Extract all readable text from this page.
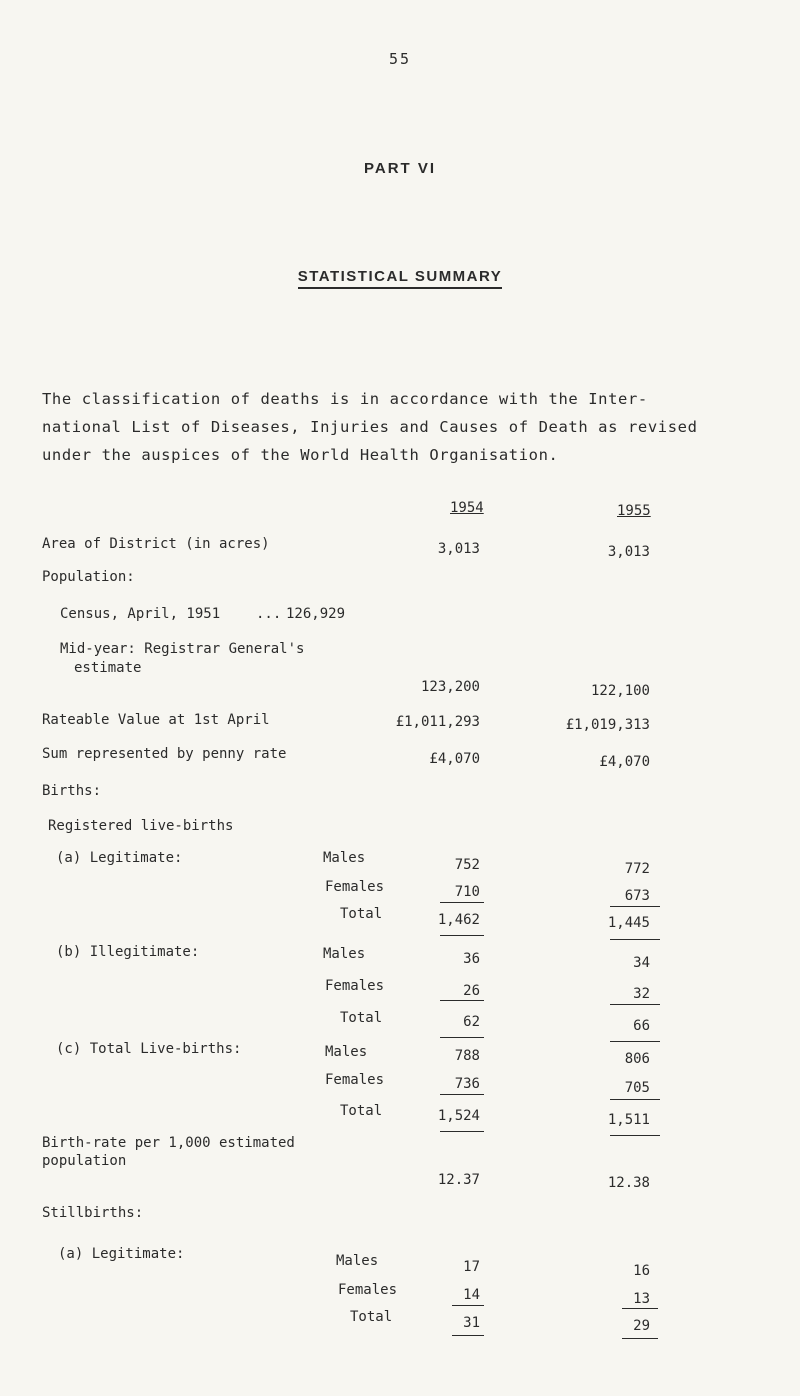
55
PART VI
STATISTICAL SUMMARY

The classification of deaths is in accordance with the Inter-

national List of Diseases, Injuries and Causes of Death as revised

under the auspices of the World Health Organisation.

1954	1955
Area of District (in acres)	3,013	3,013
Population:
Census, April, 1951	... 126,929
Mid-year: Registrar General's
estimate
123,200	122,100
Rateable Value at 1st April	£1,011,293	£1,019,313
Sum represented by penny rate	£4,070	£4,070
Births:
Registered live-births
(a) Legitimate:	Males	752	772
Females	710	673
Total	1,462	1,445
(b) Illegitimate:	Males	36	34
Females	26	32
Total	62	66
(c) Total Live-births:	Males	788	806
Females	736	705
Total	1,524	1,511
Birth-rate per 1,000 estimated
population
12.37	12.38
Stillbirths:
(a) Legitimate:	Males	17	16
Females	14	13
Total	31	29
